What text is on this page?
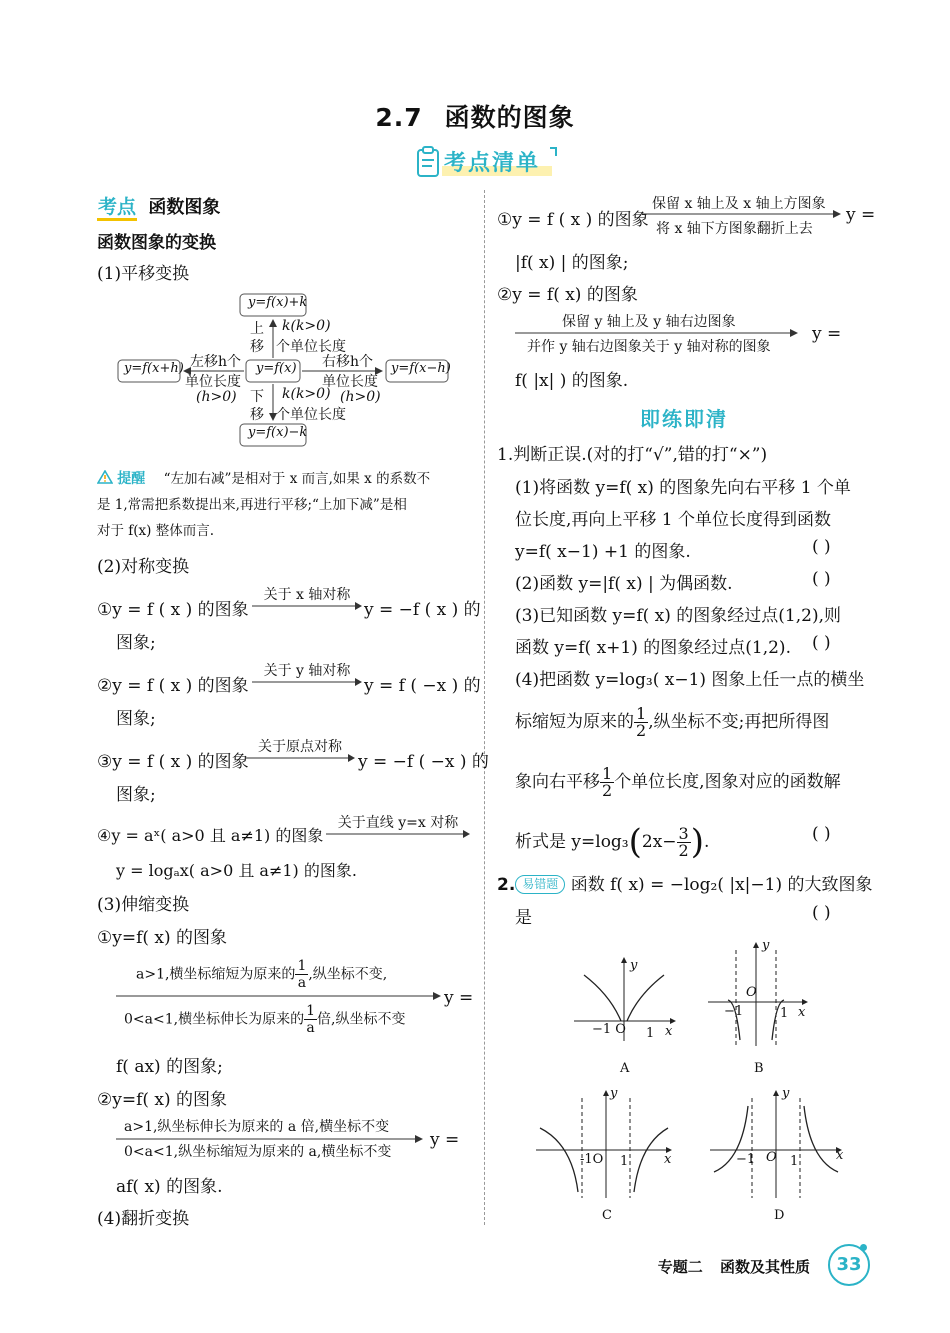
2.7 函数的图象
考点清单
考点 函数图象
函数图象的变换
(1)平移变换
y=f(x)+k
y=f(x)
y=f(x)−k
y=f(x+h)	y=f(x−h)
上
移
k(k>0)
个单位长度
下
移
k(k>0)
个单位长度
左移h个
单位长度
(h>0)
右移h个
单位长度
(h>0)
提醒 “左加右减”是相对于 x 而言,如果 x 的系数不
是 1,常需把系数提出来,再进行平移;“上加下减”是相
对于 f(x) 整体而言.
(2)对称变换
①y = f ( x ) 的图象
关于 x 轴对称
y = −f ( x ) 的
图象;
②y = f ( x ) 的图象
关于 y 轴对称
y = f ( −x ) 的
图象;
③y = f ( x ) 的图象
关于原点对称
y = −f ( −x ) 的
图象;
④y = aˣ( a>0 且 a≠1) 的图象
关于直线 y=x 对称
y = logₐx( a>0 且 a≠1) 的图象.
(3)伸缩变换
①y=f( x) 的图象
a>1,横坐标缩短为原来的 $\frac{1}{a}$ ,纵坐标不变,
y =
0<a<1,横坐标伸长为原来的 $\frac{1}{a}$ 倍,纵坐标不变
f( ax) 的图象;
②y=f( x) 的图象
a>1,纵坐标伸长为原来的 a 倍,横坐标不变
y =
0<a<1,纵坐标缩短为原来的 a,横坐标不变
af( x) 的图象.
(4)翻折变换
①y = f ( x ) 的图象
保留 x 轴上及 x 轴上方图象
y =
将 x 轴下方图象翻折上去
|f( x) | 的图象;
②y = f( x) 的图象
保留 y 轴上及 y 轴右边图象
y =
并作 y 轴右边图象关于 y 轴对称的图象
f( |x| ) 的图象.
即练即清
1.判断正误.(对的打“√”,错的打“×”)
(1)将函数 y=f( x) 的图象先向右平移 1 个单
位长度,再向上平移 1 个单位长度得到函数
y=f( x−1) +1 的图象.	( )
(2)函数 y=|f( x) | 为偶函数.	( )
(3)已知函数 y=f( x) 的图象经过点(1,2),则
函数 y=f( x+1) 的图象经过点(1,2). ( )
(4)把函数 y=log₃( x−1) 图象上任一点的横坐
标缩短为原来的 $\frac{1}{2}$ ,纵坐标不变;再把所得图
象向右平移 $\frac{1}{2}$ 个单位长度,图象对应的函数解
析式是 $y=\log_3(2x- \frac{3}{2}$ ).	( )
2. 易错题 函数 f( x) = −log₂( |x|−1) 的大致图象
是	( )
y
x
−1 O 1
A
y
x
O
−1	1
B
y
x
-1O 1
C
y
x
O
−1	1
D
专题二 函数及其性质	33
